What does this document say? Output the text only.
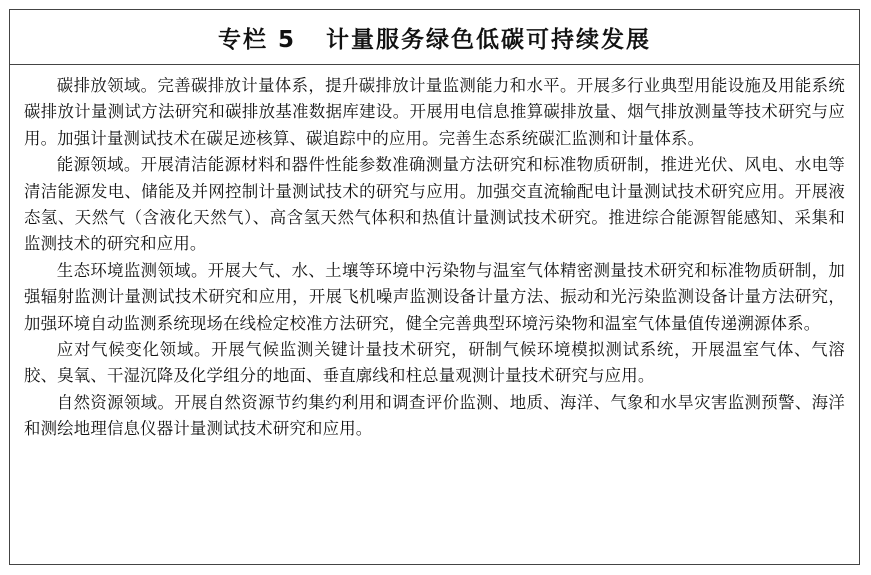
专栏 5   计量服务绿色低碳可持续发展

碳排放领域。完善碳排放计量体系，提升碳排放计量监测能力和水平。开展多行业典型用能设施及用能系统碳排放计量测试方法研究和碳排放基准数据库建设。开展用电信息推算碳排放量、烟气排放测量等技术研究与应用。加强计量测试技术在碳足迹核算、碳追踪中的应用。完善生态系统碳汇监测和计量体系。

能源领域。开展清洁能源材料和器件性能参数准确测量方法研究和标准物质研制，推进光伏、风电、水电等清洁能源发电、储能及并网控制计量测试技术的研究与应用。加强交直流输配电计量测试技术研究应用。开展液态氢、天然气（含液化天然气）、高含氢天然气体积和热值计量测试技术研究。推进综合能源智能感知、采集和监测技术的研究和应用。

生态环境监测领域。开展大气、水、土壤等环境中污染物与温室气体精密测量技术研究和标准物质研制，加强辐射监测计量测试技术研究和应用，开展飞机噪声监测设备计量方法、振动和光污染监测设备计量方法研究，加强环境自动监测系统现场在线检定校准方法研究，健全完善典型环境污染物和温室气体量值传递溯源体系。

应对气候变化领域。开展气候监测关键计量技术研究，研制气候环境模拟测试系统，开展温室气体、气溶胶、臭氧、干湿沉降及化学组分的地面、垂直廓线和柱总量观测计量技术研究与应用。

自然资源领域。开展自然资源节约集约利用和调查评价监测、地质、海洋、气象和水旱灾害监测预警、海洋和测绘地理信息仪器计量测试技术研究和应用。
